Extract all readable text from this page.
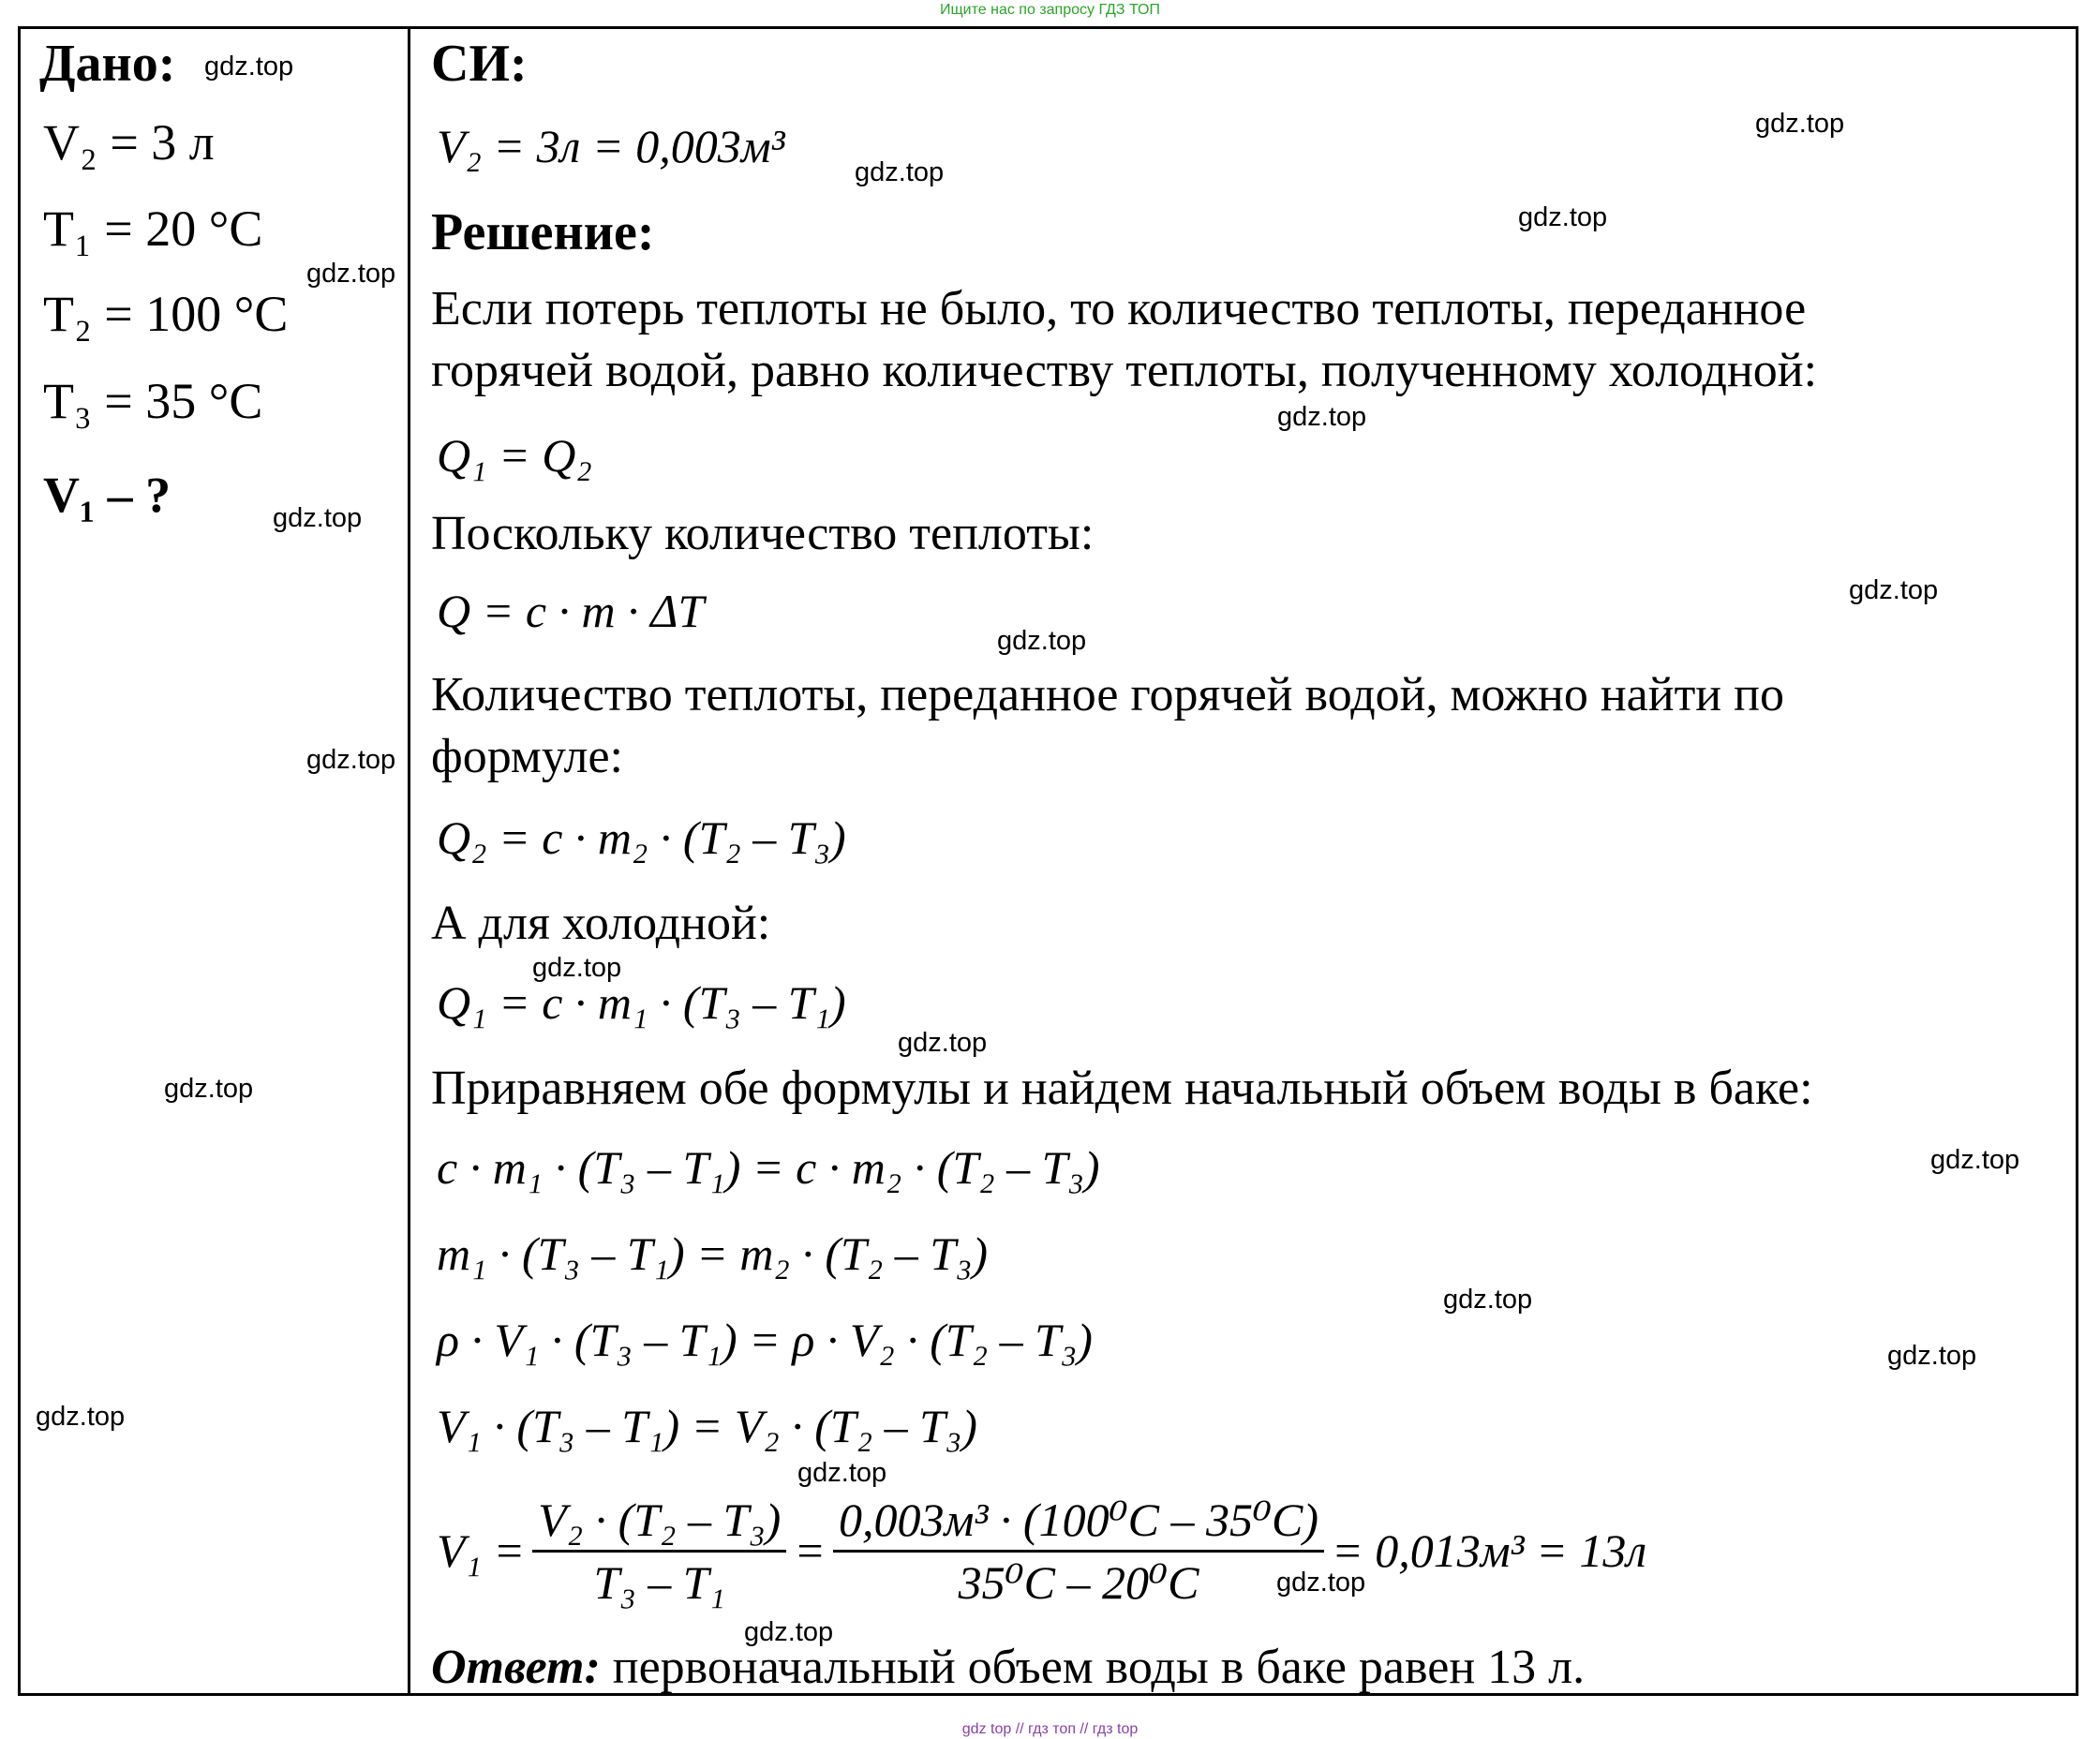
Ищите нас по запросу ГДЗ ТОП
Дано:
V₂ = 3 л
T₁ = 20 °C
T₂ = 100 °C
T₃ = 35 °C
V₁ – ?
СИ:
V₂ = 3л = 0,003м³
Решение:
Если потерь теплоты не было, то количество теплоты, переданное
горячей водой, равно количеству теплоты, полученному холодной:
Q₁ = Q₂
Поскольку количество теплоты:
Q = c · m · ΔT
Количество теплоты, переданное горячей водой, можно найти по
формуле:
Q₂ = c · m₂ · (T₂ – T₃)
А для холодной:
Q₁ = c · m₁ · (T₃ – T₁)
Приравняем обе формулы и найдем начальный объем воды в баке:
c · m₁ · (T₃ – T₁) = c · m₂ · (T₂ – T₃)
m₁ · (T₃ – T₁) = m₂ · (T₂ – T₃)
ρ · V₁ · (T₃ – T₁) = ρ · V₂ · (T₂ – T₃)
V₁ · (T₃ – T₁) = V₂ · (T₂ – T₃)
$V_1 = \frac{\text{V₂ · (T₂ – T₃)}}{\text{T₃ – T₁}} = \frac{\text{0,003м³ · (100⁰C – 35⁰C)}}{\text{35⁰C – 20⁰C}} = 0,013м^3 = 13л$
Ответ: первоначальный объем воды в баке равен 13 л.
gdz.top
gdz.top
gdz.top
gdz.top
gdz.top
gdz.top
gdz.top
gdz.top
gdz.top
gdz.top
gdz.top
gdz.top
gdz.top
gdz.top
gdz.top
gdz.top
gdz.top
gdz.top
gdz.top
gdz.top
gdz top // гдз топ // гдз top
